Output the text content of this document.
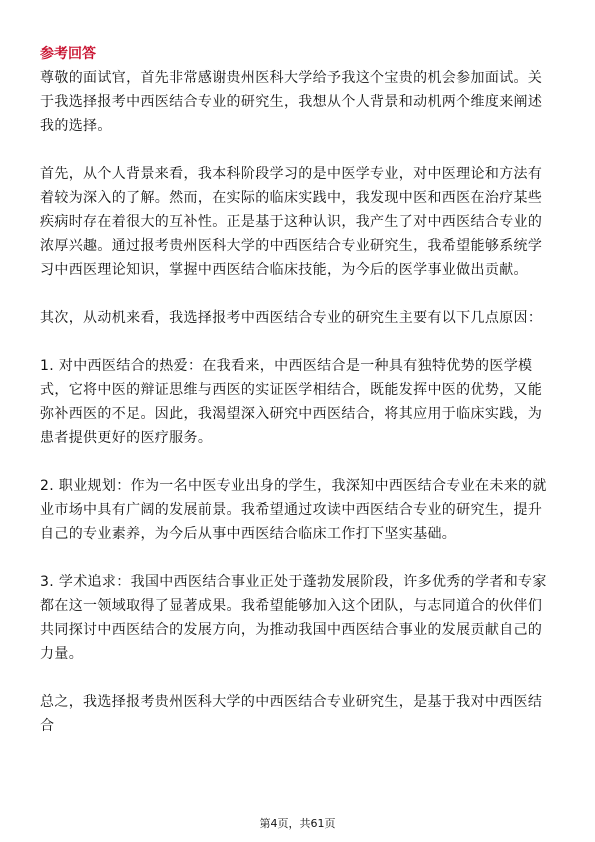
参考回答

尊敬的面试官，首先非常感谢贵州医科大学给予我这个宝贵的机会参加面试。关于我选择报考中西医结合专业的研究生，我想从个人背景和动机两个维度来阐述我的选择。

首先，从个人背景来看，我本科阶段学习的是中医学专业，对中医理论和方法有着较为深入的了解。然而，在实际的临床实践中，我发现中医和西医在治疗某些疾病时存在着很大的互补性。正是基于这种认识，我产生了对中西医结合专业的浓厚兴趣。通过报考贵州医科大学的中西医结合专业研究生，我希望能够系统学习中西医理论知识，掌握中西医结合临床技能，为今后的医学事业做出贡献。

其次，从动机来看，我选择报考中西医结合专业的研究生主要有以下几点原因：

1. 对中西医结合的热爱：在我看来，中西医结合是一种具有独特优势的医学模式，它将中医的辩证思维与西医的实证医学相结合，既能发挥中医的优势，又能弥补西医的不足。因此，我渴望深入研究中西医结合，将其应用于临床实践，为患者提供更好的医疗服务。

2. 职业规划：作为一名中医专业出身的学生，我深知中西医结合专业在未来的就业市场中具有广阔的发展前景。我希望通过攻读中西医结合专业的研究生，提升自己的专业素养，为今后从事中西医结合临床工作打下坚实基础。

3. 学术追求：我国中西医结合事业正处于蓬勃发展阶段，许多优秀的学者和专家都在这一领域取得了显著成果。我希望能够加入这个团队，与志同道合的伙伴们共同探讨中西医结合的发展方向，为推动我国中西医结合事业的发展贡献自己的力量。

总之，我选择报考贵州医科大学的中西医结合专业研究生，是基于我对中西医结合

第4页，共61页
